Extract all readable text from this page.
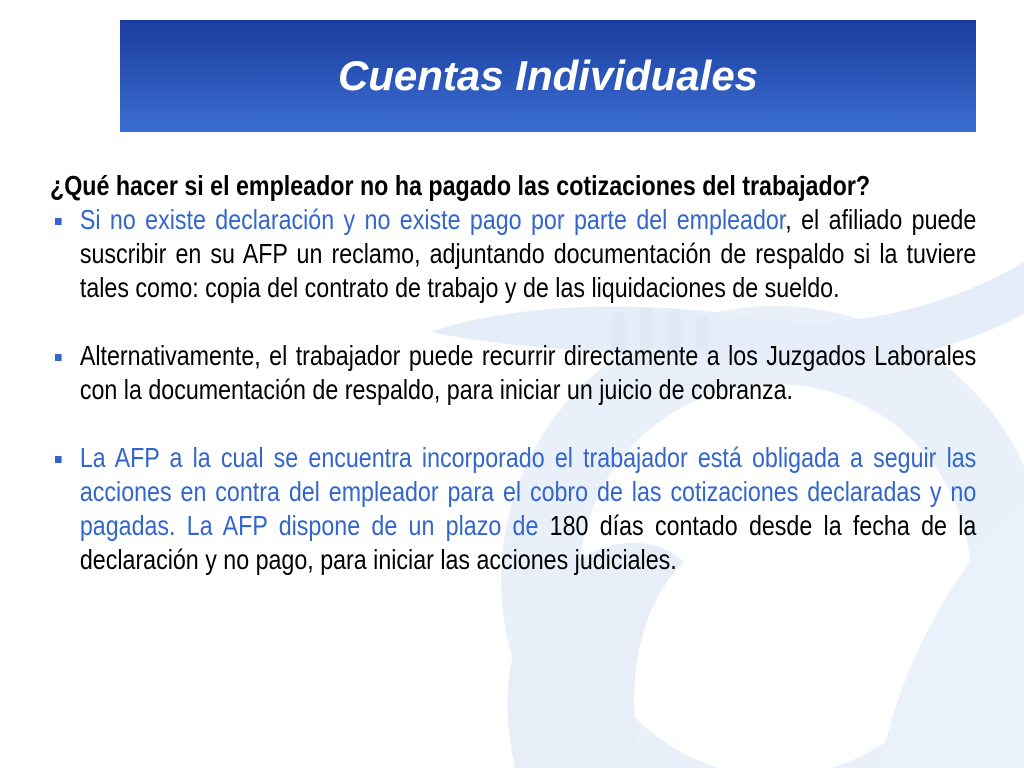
Cuentas Individuales

¿Qué hacer si el empleador no ha pagado las cotizaciones del trabajador?

Si no existe declaración y no existe pago por parte del empleador, el afiliado puede suscribir en su AFP un reclamo, adjuntando documentación de respaldo si la tuviere tales como: copia del contrato de trabajo y de las liquidaciones de sueldo.
Alternativamente, el trabajador puede recurrir directamente a los Juzgados Laborales con la documentación de respaldo, para iniciar un juicio de cobranza.
La AFP a la cual se encuentra incorporado el trabajador está obligada a seguir las acciones en contra del empleador para el cobro de las cotizaciones declaradas y no pagadas. La AFP dispone de un plazo de 180 días contado desde la fecha de la declaración y no pago, para iniciar las acciones judiciales.
